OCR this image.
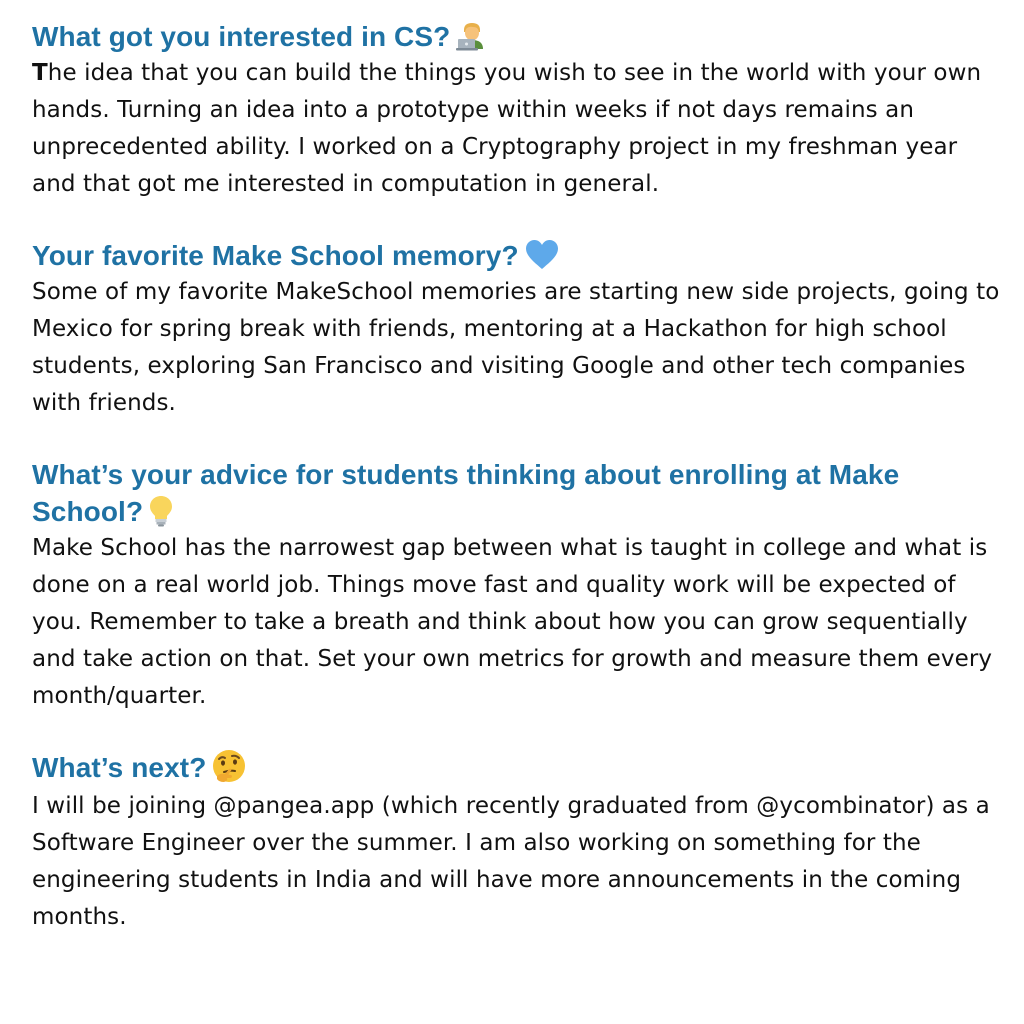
What got you interested in CS?

The idea that you can build the things you wish to see in the world with your own hands. Turning an idea into a prototype within weeks if not days remains an unprecedented ability. I worked on a Cryptography project in my freshman year and that got me interested in computation in general.

Your favorite Make School memory?

Some of my favorite MakeSchool memories are starting new side projects, going to Mexico for spring break with friends, mentoring at a Hackathon for high school students, exploring San Francisco and visiting Google and other tech companies with friends.

What’s your advice for students thinking about enrolling at Make School?

Make School has the narrowest gap between what is taught in college and what is done on a real world job. Things move fast and quality work will be expected of you. Remember to take a breath and think about how you can grow sequentially and take action on that. Set your own metrics for growth and measure them every month/quarter.

What’s next?

I will be joining @pangea.app (which recently graduated from @ycombinator) as a Software Engineer over the summer. I am also working on something for the engineering students in India and will have more announcements in the coming months.
